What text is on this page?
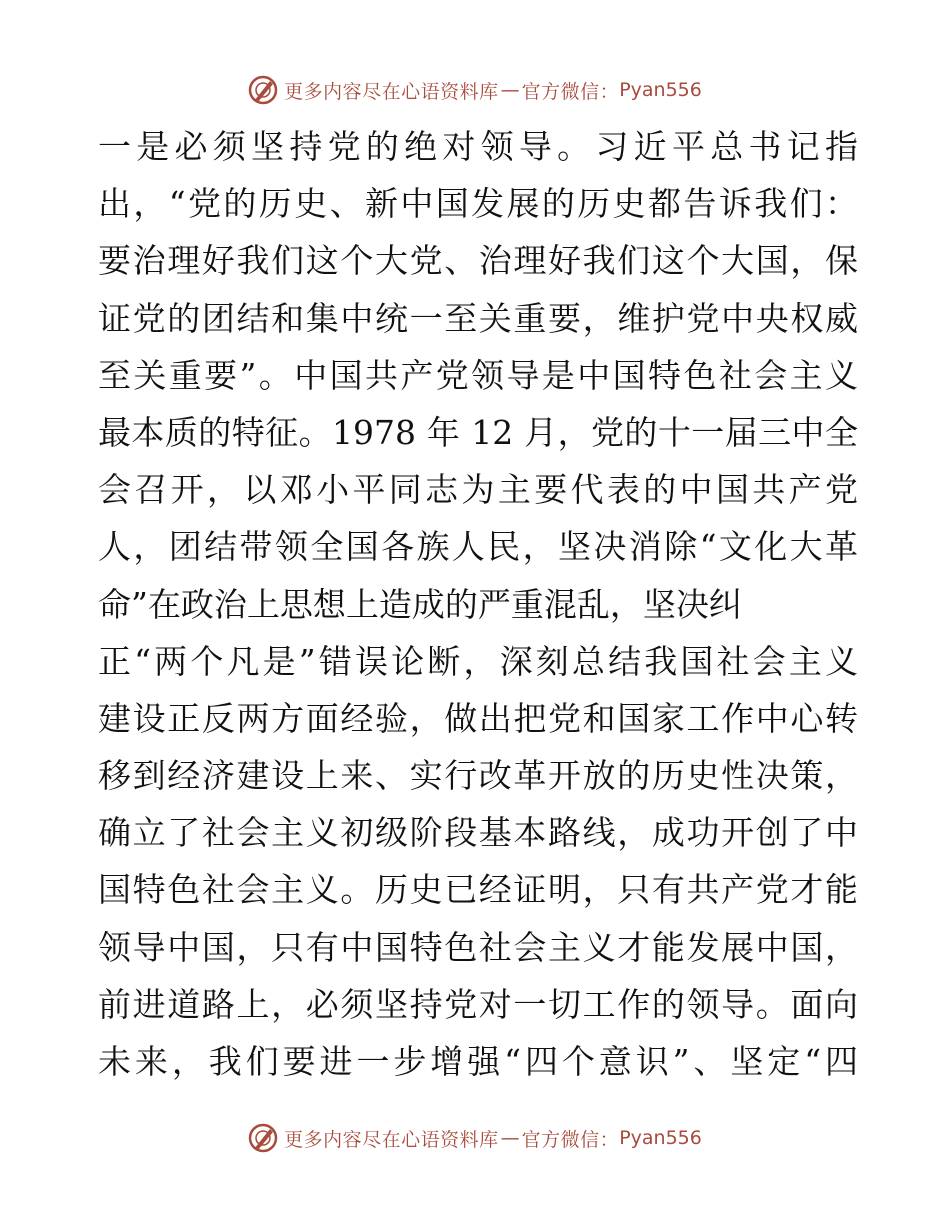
更多内容尽在心语资料库 — 官方微信： Pyan556
一是必须坚持党的绝对领导。习近平总书记指
出，“党的历史、新中国发展的历史都告诉我们：
要治理好我们这个大党、治理好我们这个大国，保
证党的团结和集中统一至关重要，维护党中央权威
至关重要”。中国共产党领导是中国特色社会主义
最本质的特征。1978 年 12 月，党的十一届三中全
会召开，以邓小平同志为主要代表的中国共产党
人，团结带领全国各族人民，坚决消除“文化大革
命”在政治上思想上造成的严重混乱，坚决纠
正“两个凡是”错误论断，深刻总结我国社会主义
建设正反两方面经验，做出把党和国家工作中心转
移到经济建设上来、实行改革开放的历史性决策，
确立了社会主义初级阶段基本路线，成功开创了中
国特色社会主义。历史已经证明，只有共产党才能
领导中国，只有中国特色社会主义才能发展中国，
前进道路上，必须坚持党对一切工作的领导。面向
未来，我们要进一步增强“四个意识”、坚定“四
更多内容尽在心语资料库 — 官方微信： Pyan556
